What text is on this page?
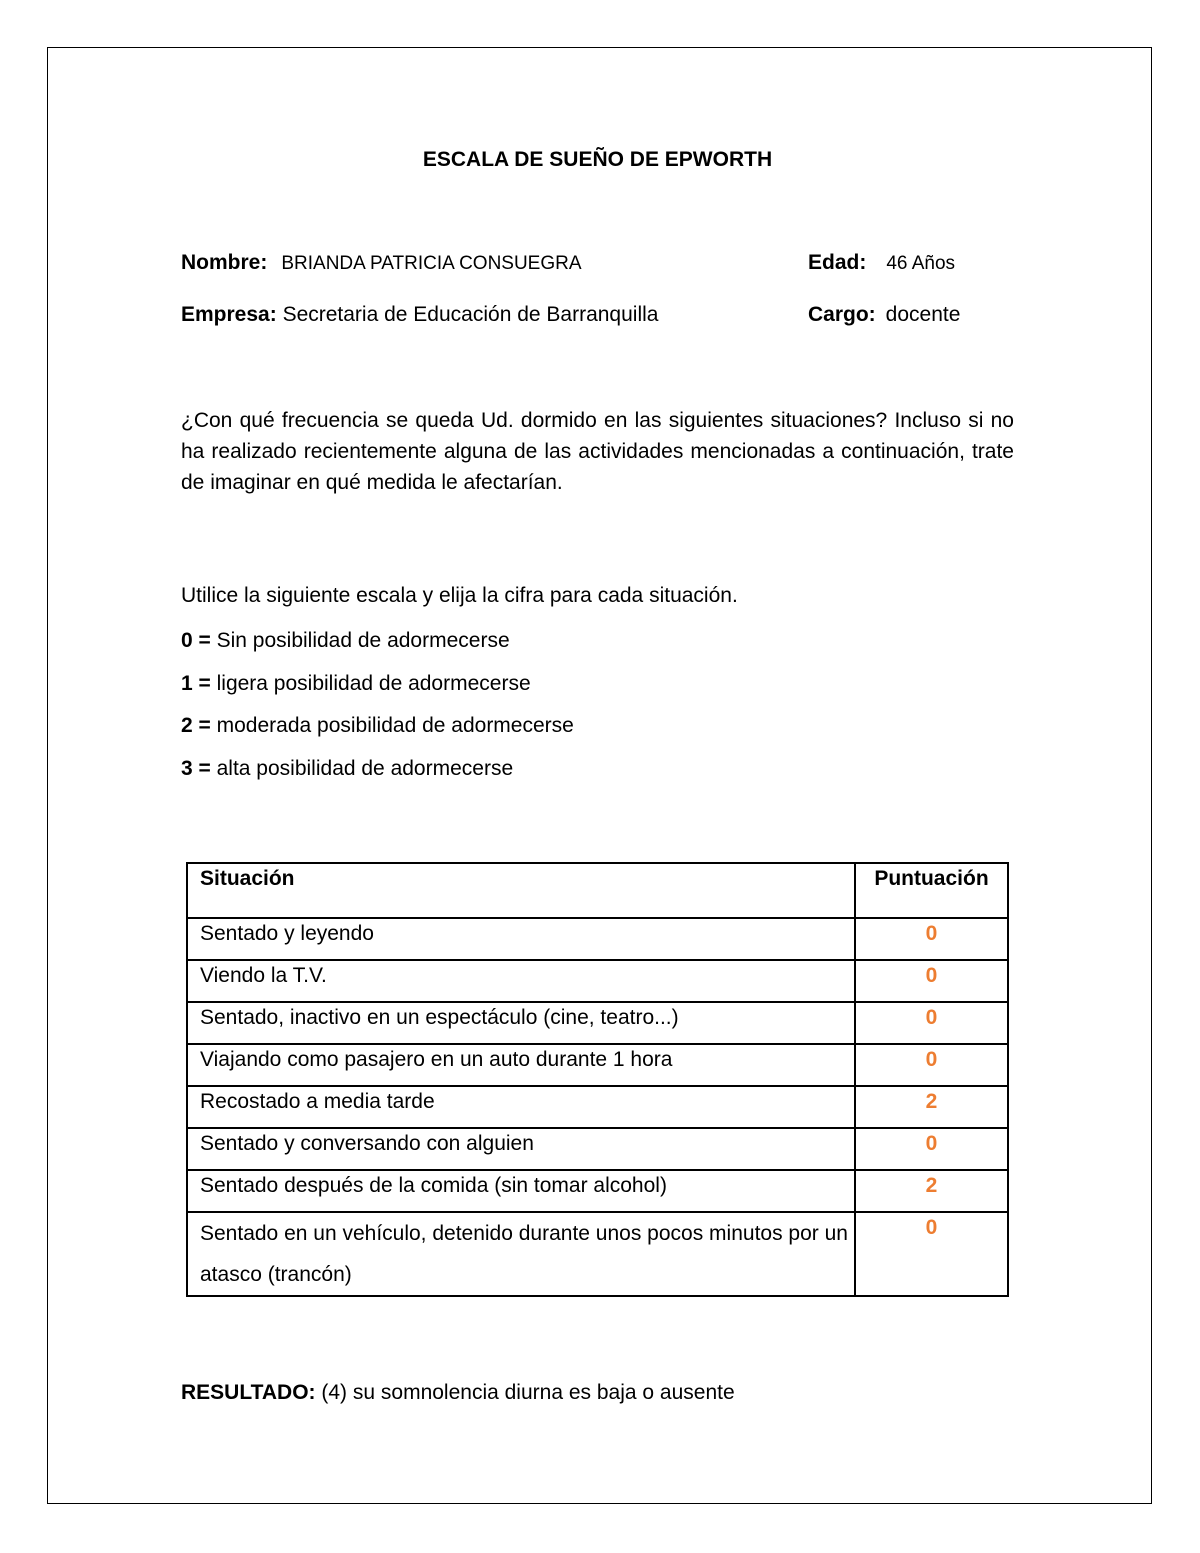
ESCALA DE SUEÑO DE EPWORTH
Nombre: BRIANDA PATRICIA CONSUEGRA	Edad: 46 Años
Empresa: Secretaria de Educación de Barranquilla	Cargo: docente
¿Con qué frecuencia se queda Ud. dormido en las siguientes situaciones? Incluso si no ha realizado recientemente alguna de las actividades mencionadas a continuación, trate de imaginar en qué medida le afectarían.
Utilice la siguiente escala y elija la cifra para cada situación.
0 = Sin posibilidad de adormecerse
1 = ligera posibilidad de adormecerse
2 = moderada posibilidad de adormecerse
3 = alta posibilidad de adormecerse
Situación	Puntuación
Sentado y leyendo	0
Viendo la T.V.	0
Sentado, inactivo en un espectáculo (cine, teatro...)	0
Viajando como pasajero en un auto durante 1 hora	0
Recostado a media tarde	2
Sentado y conversando con alguien	0
Sentado después de la comida (sin tomar alcohol)	2
Sentado en un vehículo, detenido durante unos pocos minutos por un atasco (trancón)	0
RESULTADO: (4) su somnolencia diurna es baja o ausente
